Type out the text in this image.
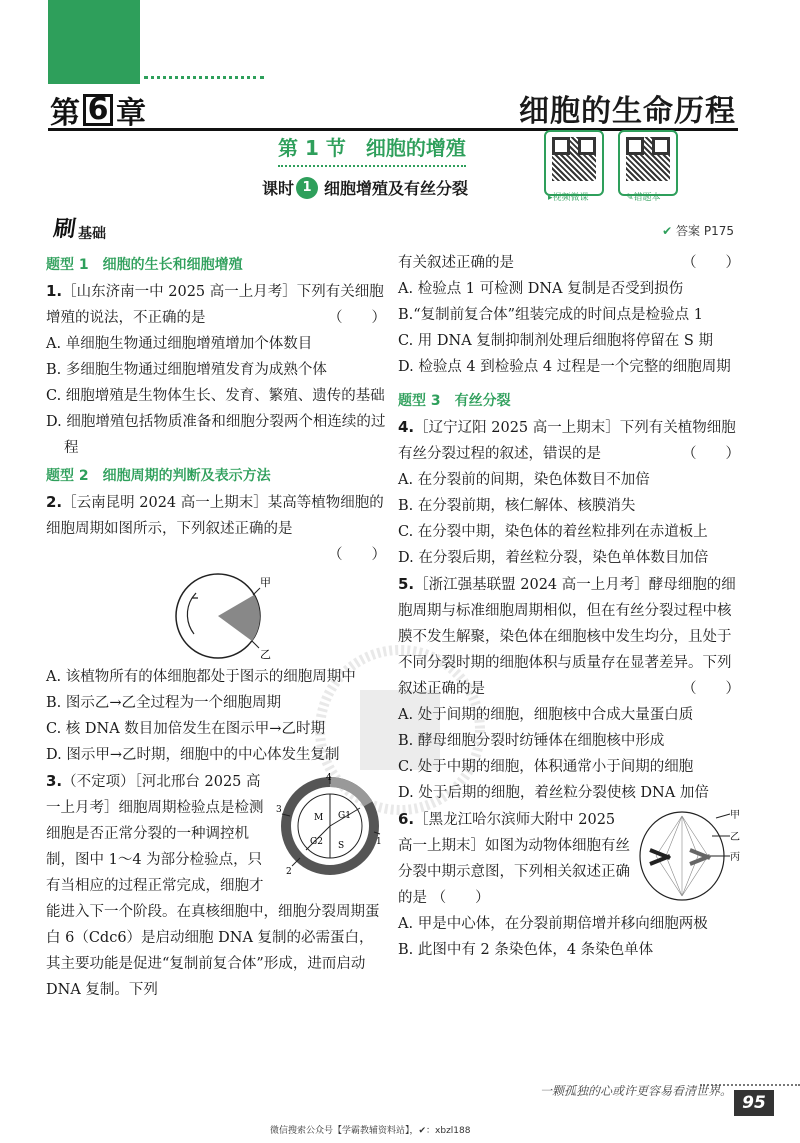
第 6 章	细胞的生命历程
第 1 节　细胞的增殖
课时 1 细胞增殖及有丝分裂	▸视频微课	✎错题本
刷 基础	✔ 答案 P175
题型 1　细胞的生长和细胞增殖
1.［山东济南一中 2025 高一上月考］下列有关细胞增殖的说法，不正确的是	（　　）
A. 单细胞生物通过细胞增殖增加个体数目
B. 多细胞生物通过细胞增殖发育为成熟个体
C. 细胞增殖是生物体生长、发育、繁殖、遗传的基础
D. 细胞增殖包括物质准备和细胞分裂两个相连续的过程
题型 2　细胞周期的判断及表示方法
2.［云南昆明 2024 高一上期末］某高等植物细胞的细胞周期如图所示，下列叙述正确的是
（　　）
甲
乙
A. 该植物所有的体细胞都处于图示的细胞周期中
B. 图示乙→乙全过程为一个细胞周期
C. 核 DNA 数目加倍发生在图示甲→乙时期
D. 图示甲→乙时期，细胞中的中心体发生复制
4
M G1
G2 S
3
2
1
3.（不定项）［河北邢台 2025 高一上月考］细胞周期检验点是检测细胞是否正常分裂的一种调控机制，图中 1～4 为部分检验点，只有当相应的过程正常完成，细胞才能进入下一个阶段。在真核细胞中，细胞分裂周期蛋白 6（Cdc6）是启动细胞 DNA 复制的必需蛋白，其主要功能是促进“复制前复合体”形成，进而启动 DNA 复制。下列
有关叙述正确的是	（　　）
A. 检验点 1 可检测 DNA 复制是否受到损伤
B.“复制前复合体”组装完成的时间点是检验点 1
C. 用 DNA 复制抑制剂处理后细胞将停留在 S 期
D. 检验点 4 到检验点 4 过程是一个完整的细胞周期
题型 3　有丝分裂
4.［辽宁辽阳 2025 高一上期末］下列有关植物细胞有丝分裂过程的叙述，错误的是	（　　）
A. 在分裂前的间期，染色体数目不加倍
B. 在分裂前期，核仁解体、核膜消失
C. 在分裂中期，染色体的着丝粒排列在赤道板上
D. 在分裂后期，着丝粒分裂，染色单体数目加倍
5.［浙江强基联盟 2024 高一上月考］酵母细胞的细胞周期与标准细胞周期相似，但在有丝分裂过程中核膜不发生解聚，染色体在细胞核中发生均分，且处于不同分裂时期的细胞体积与质量存在显著差异。下列叙述正确的是	（　　）
A. 处于间期的细胞，细胞核中合成大量蛋白质
B. 酵母细胞分裂时纺锤体在细胞核中形成
C. 处于中期的细胞，体积通常小于间期的细胞
D. 处于后期的细胞，着丝粒分裂使核 DNA 加倍
甲
乙
丙
6.［黑龙江哈尔滨师大附中 2025 高一上期末］如图为动物体细胞有丝分裂中期示意图，下列相关叙述正确的是 （　　）
A. 甲是中心体，在分裂前期倍增并移向细胞两极
B. 此图中有 2 条染色体，4 条染色单体
一颗孤独的心或许更容易看清世界。
95
微信搜索公众号【学霸教辅资料站】，✔：xbzl188
